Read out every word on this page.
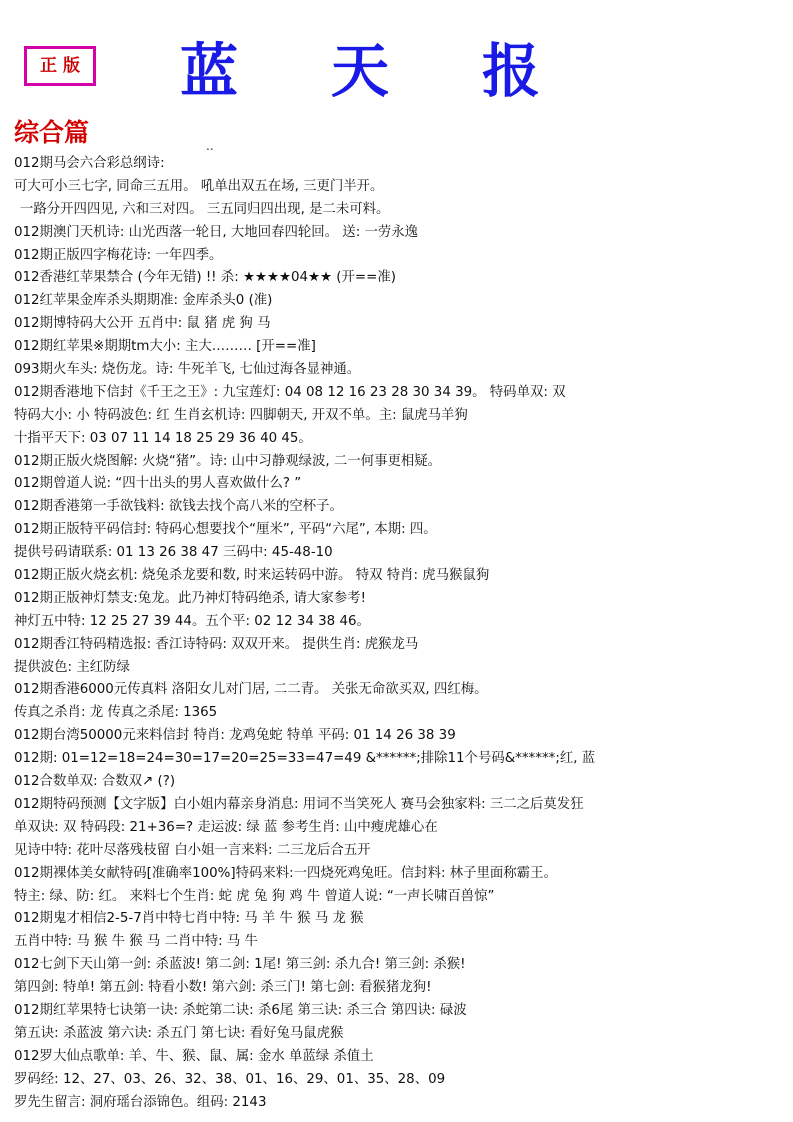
正 版 蓝 天 报
综合篇	..
012期马会六合彩总纲诗:
可大可小三七字, 同命三五用。 吼单出双五在场, 三更门半开。
一路分开四四见, 六和三对四。 三五同归四出现, 是二未可料。
012期澳门天机诗: 山光西落一轮日, 大地回春四轮回。 送: 一劳永逸
012期正版四字梅花诗: 一年四季。
012香港红苹果禁合 (今年无错) !! 杀: ★★★★04★★ (开==准)
012红苹果金库杀头期期准: 金库杀头0 (准)
012期博特码大公开 五肖中: 鼠 猪 虎 狗 马
012期红苹果※期期tm大小: 主大……… [开==准]
093期火车头: 烧伤龙。诗: 牛死羊飞, 七仙过海各显神通。
012期香港地下信封《千王之王》: 九宝莲灯: 04 08 12 16 23 28 30 34 39。 特码单双: 双
特码大小: 小 特码波色: 红 生肖玄机诗: 四脚朝天, 开双不单。主: 鼠虎马羊狗
十指平天下: 03 07 11 14 18 25 29 36 40 45。
012期正版火烧图解: 火烧“猪”。诗: 山中习静观绿波, 二一何事更相疑。
012期曾道人说: “四十出头的男人喜欢做什么? ”
012期香港第一手欲钱料: 欲钱去找个高八米的空杯子。
012期正版特平码信封: 特码心想要找个“厘米”, 平码“六尾”, 本期: 四。
提供号码请联系: 01 13 26 38 47 三码中: 45-48-10
012期正版火烧玄机: 烧兔杀龙要和数, 时来运转码中游。 特双 特肖: 虎马猴鼠狗
012期正版神灯禁支:兔龙。此乃神灯特码绝杀, 请大家参考!
神灯五中特: 12 25 27 39 44。五个平: 02 12 34 38 46。
012期香江特码精选报: 香江诗特码: 双双开来。 提供生肖: 虎猴龙马
提供波色: 主红防绿
012期香港6000元传真料 洛阳女儿对门居, 二二青。 关张无命欲买双, 四红梅。
传真之杀肖: 龙 传真之杀尾: 1365
012期台湾50000元来料信封 特肖: 龙鸡兔蛇 特单 平码: 01 14 26 38 39
012期: 01=12=18=24=30=17=20=25=33=47=49 &******;排除11个号码&******;红, 蓝
012合数单双: 合数双↗ (?)
012期特码预测【文字版】白小姐内幕亲身消息: 用词不当笑死人 赛马会独家料: 三二之后莫发狂
单双诀: 双 特码段: 21+36=? 走运波: 绿 蓝 参考生肖: 山中瘦虎雄心在
见诗中特: 花叶尽落残枝留 白小姐一言来料: 二三龙后合五开
012期裸体美女献特码[准确率100%]特码来料:一四烧死鸡兔旺。信封料: 林子里面称霸王。
特主: 绿、防: 红。 来料七个生肖: 蛇 虎 兔 狗 鸡 牛 曾道人说: “一声长啸百兽惊”
012期鬼才相信2-5-7肖中特七肖中特: 马 羊 牛 猴 马 龙 猴
五肖中特: 马 猴 牛 猴 马 二肖中特: 马 牛
012七剑下天山第一剑: 杀蓝波! 第二剑: 1尾! 第三剑: 杀九合! 第三剑: 杀猴!
第四剑: 特单! 第五剑: 特看小数! 第六剑: 杀三门! 第七剑: 看猴猪龙狗!
012期红苹果特七诀第一诀: 杀蛇第二诀: 杀6尾 第三诀: 杀三合 第四诀: 碌波
第五诀: 杀蓝波 第六诀: 杀五门 第七诀: 看好兔马鼠虎猴
012罗大仙点歌单: 羊、牛、猴、鼠、属: 金水 单蓝绿 杀值土
罗码经: 12、27、03、26、32、38、01、16、29、01、35、28、09
罗先生留言: 洞府瑶台添锦色。组码: 2143
